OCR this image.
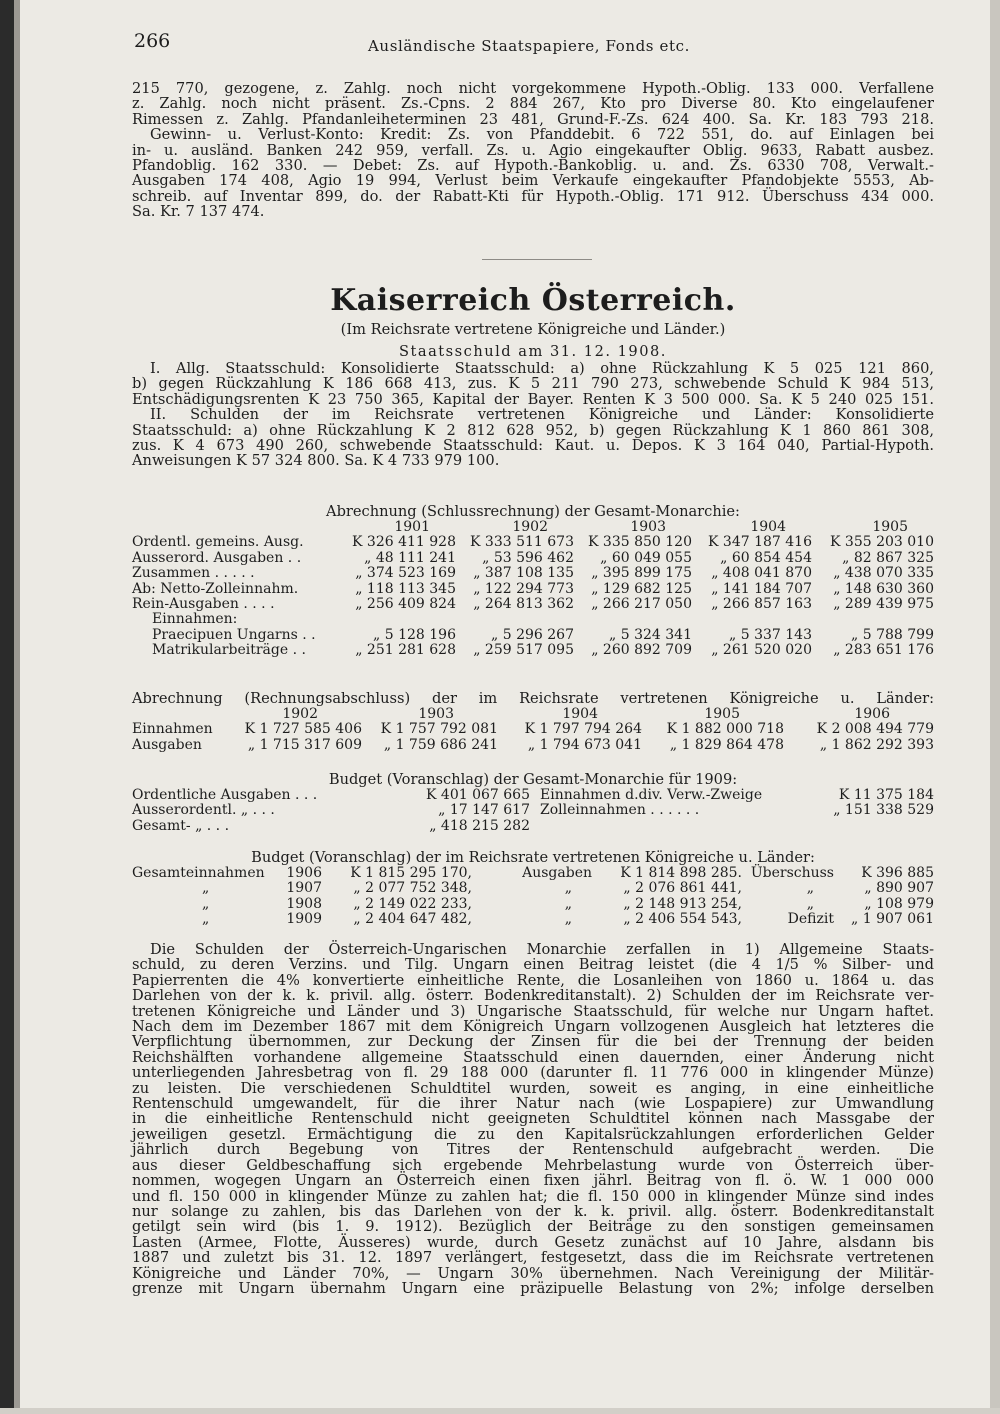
266	Ausländische Staatspapiere, Fonds etc.

215 770, gezogene, z. Zahlg. noch nicht vorgekommene Hypoth.-Oblig. 133 000. Verfallene

z. Zahlg. noch nicht präsent. Zs.-Cpns. 2 884 267, Kto pro Diverse 80. Kto eingelaufener

Rimessen z. Zahlg. Pfandanleiheterminen 23 481, Grund-F.-Zs. 624 400. Sa. Kr. 183 793 218.

Gewinn- u. Verlust-Konto: Kredit: Zs. von Pfanddebit. 6 722 551, do. auf Einlagen bei

in- u. ausländ. Banken 242 959, verfall. Zs. u. Agio eingekaufter Oblig. 9633, Rabatt ausbez.

Pfandoblig. 162 330. — Debet: Zs. auf Hypoth.-Bankoblig. u. and. Zs. 6330 708, Verwalt.-

Ausgaben 174 408, Agio 19 994, Verlust beim Verkaufe eingekaufter Pfandobjekte 5553, Ab-

schreib. auf Inventar 899, do. der Rabatt-Kti für Hypoth.-Oblig. 171 912. Überschuss 434 000.

Sa. Kr. 7 137 474.

Kaiserreich Österreich.
(Im Reichsrate vertretene Königreiche und Länder.)
Staatsschuld am 31. 12. 1908.

I. Allg. Staatsschuld: Konsolidierte Staatsschuld: a) ohne Rückzahlung K 5 025 121 860,

b) gegen Rückzahlung K 186 668 413, zus. K 5 211 790 273, schwebende Schuld K 984 513,

Entschädigungsrenten K 23 750 365, Kapital der Bayer. Renten K 3 500 000. Sa. K 5 240 025 151.

II. Schulden der im Reichsrate vertretenen Königreiche und Länder: Konsolidierte

Staatsschuld: a) ohne Rückzahlung K 2 812 628 952, b) gegen Rückzahlung K 1 860 861 308,

zus. K 4 673 490 260, schwebende Staatsschuld: Kaut. u. Depos. K 3 164 040, Partial-Hypoth.

Anweisungen K 57 324 800. Sa. K 4 733 979 100.

Abrechnung (Schlussrechnung) der Gesamt-Monarchie:
	1901	1902	1903	1904	1905
Ordentl. gemeins. Ausg.	K 326 411 928	K 333 511 673	K 335 850 120	K 347 187 416	K 355 203 010
Ausserord. Ausgaben . .	„ 48 111 241	„ 53 596 462	„ 60 049 055	„ 60 854 454	„ 82 867 325
Zusammen . . . . .	„ 374 523 169	„ 387 108 135	„ 395 899 175	„ 408 041 870	„ 438 070 335
Ab: Netto-Zolleinnahm.	„ 118 113 345	„ 122 294 773	„ 129 682 125	„ 141 184 707	„ 148 630 360
Rein-Ausgaben . . . .	„ 256 409 824	„ 264 813 362	„ 266 217 050	„ 266 857 163	„ 289 439 975
Einnahmen:					
Praecipuen Ungarns . .	„ 5 128 196	„ 5 296 267	„ 5 324 341	„ 5 337 143	„ 5 788 799
Matrikularbeiträge . .	„ 251 281 628	„ 259 517 095	„ 260 892 709	„ 261 520 020	„ 283 651 176
Abrechnung (Rechnungsabschluss) der im Reichsrate vertretenen Königreiche u. Länder:
	1902	1903	1904	1905	1906
Einnahmen	K 1 727 585 406	K 1 757 792 081	K 1 797 794 264	K 1 882 000 718	K 2 008 494 779
Ausgaben	„ 1 715 317 609	„ 1 759 686 241	„ 1 794 673 041	„ 1 829 864 478	„ 1 862 292 393
Budget (Voranschlag) der Gesamt-Monarchie für 1909:
Ordentliche Ausgaben . . .	K 401 067 665	Einnahmen d.div. Verw.-Zweige	K 11 375 184
Ausserordentl. „ . . .	„ 17 147 617	Zolleinnahmen . . . . . .	„ 151 338 529
Gesamt- „ . . .	„ 418 215 282		
Budget (Voranschlag) der im Reichsrate vertretenen Königreiche u. Länder:
Gesamteinnahmen	1906	K 1 815 295 170,	Ausgaben	K 1 814 898 285.	Überschuss	K 396 885
„	1907	„ 2 077 752 348,	„	„ 2 076 861 441,	„	„ 890 907
„	1908	„ 2 149 022 233,	„	„ 2 148 913 254,	„	„ 108 979
„	1909	„ 2 404 647 482,	„	„ 2 406 554 543,	Defizit	„ 1 907 061

Die Schulden der Österreich-Ungarischen Monarchie zerfallen in 1) Allgemeine Staats-

schuld, zu deren Verzins. und Tilg. Ungarn einen Beitrag leistet (die 4 1/5 % Silber- und

Papierrenten die 4% konvertierte einheitliche Rente, die Losanleihen von 1860 u. 1864 u. das

Darlehen von der k. k. privil. allg. österr. Bodenkreditanstalt). 2) Schulden der im Reichsrate ver-

tretenen Königreiche und Länder und 3) Ungarische Staatsschuld, für welche nur Ungarn haftet.

Nach dem im Dezember 1867 mit dem Königreich Ungarn vollzogenen Ausgleich hat letzteres die

Verpflichtung übernommen, zur Deckung der Zinsen für die bei der Trennung der beiden

Reichshälften vorhandene allgemeine Staatsschuld einen dauernden, einer Änderung nicht

unterliegenden Jahresbetrag von fl. 29 188 000 (darunter fl. 11 776 000 in klingender Münze)

zu leisten. Die verschiedenen Schuldtitel wurden, soweit es anging, in eine einheitliche

Rentenschuld umgewandelt, für die ihrer Natur nach (wie Lospapiere) zur Umwandlung

in die einheitliche Rentenschuld nicht geeigneten Schuldtitel können nach Massgabe der

jeweiligen gesetzl. Ermächtigung die zu den Kapitalsrückzahlungen erforderlichen Gelder

jährlich durch Begebung von Titres der Rentenschuld aufgebracht werden. Die

aus dieser Geldbeschaffung sich ergebende Mehrbelastung wurde von Österreich über-

nommen, wogegen Ungarn an Österreich einen fixen jährl. Beitrag von fl. ö. W. 1 000 000

und fl. 150 000 in klingender Münze zu zahlen hat; die fl. 150 000 in klingender Münze sind indes

nur solange zu zahlen, bis das Darlehen von der k. k. privil. allg. österr. Bodenkreditanstalt

getilgt sein wird (bis 1. 9. 1912). Bezüglich der Beiträge zu den sonstigen gemeinsamen

Lasten (Armee, Flotte, Äusseres) wurde, durch Gesetz zunächst auf 10 Jahre, alsdann bis

1887 und zuletzt bis 31. 12. 1897 verlängert, festgesetzt, dass die im Reichsrate vertretenen

Königreiche und Länder 70%, — Ungarn 30% übernehmen. Nach Vereinigung der Militär-

grenze mit Ungarn übernahm Ungarn eine präzipuelle Belastung von 2%; infolge derselben
